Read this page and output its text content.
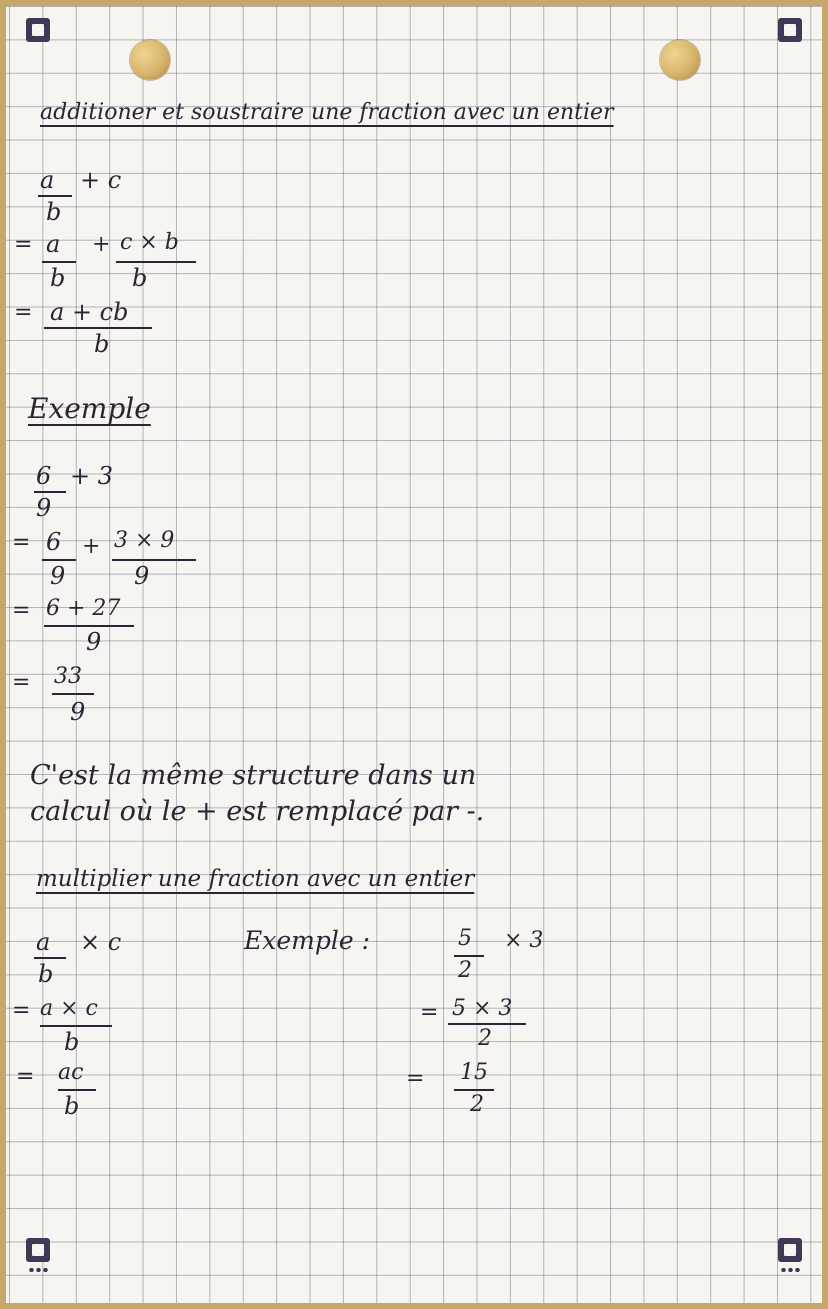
additioner et soustraire une fraction avec un entier
a + c
b
= a + c × b
b	b
= a + cb
b
Exemple
6 + 3
9
= 6 + 3 × 9
9	9
= 6 + 27
9
= 33
9
C'est la même structure dans un
calcul où le + est remplacé par -.
multiplier une fraction avec un entier
a × c
b
= a × c
b
= ac
b
Exemple :	5 × 3
2
= 5 × 3
2
= 15
2
